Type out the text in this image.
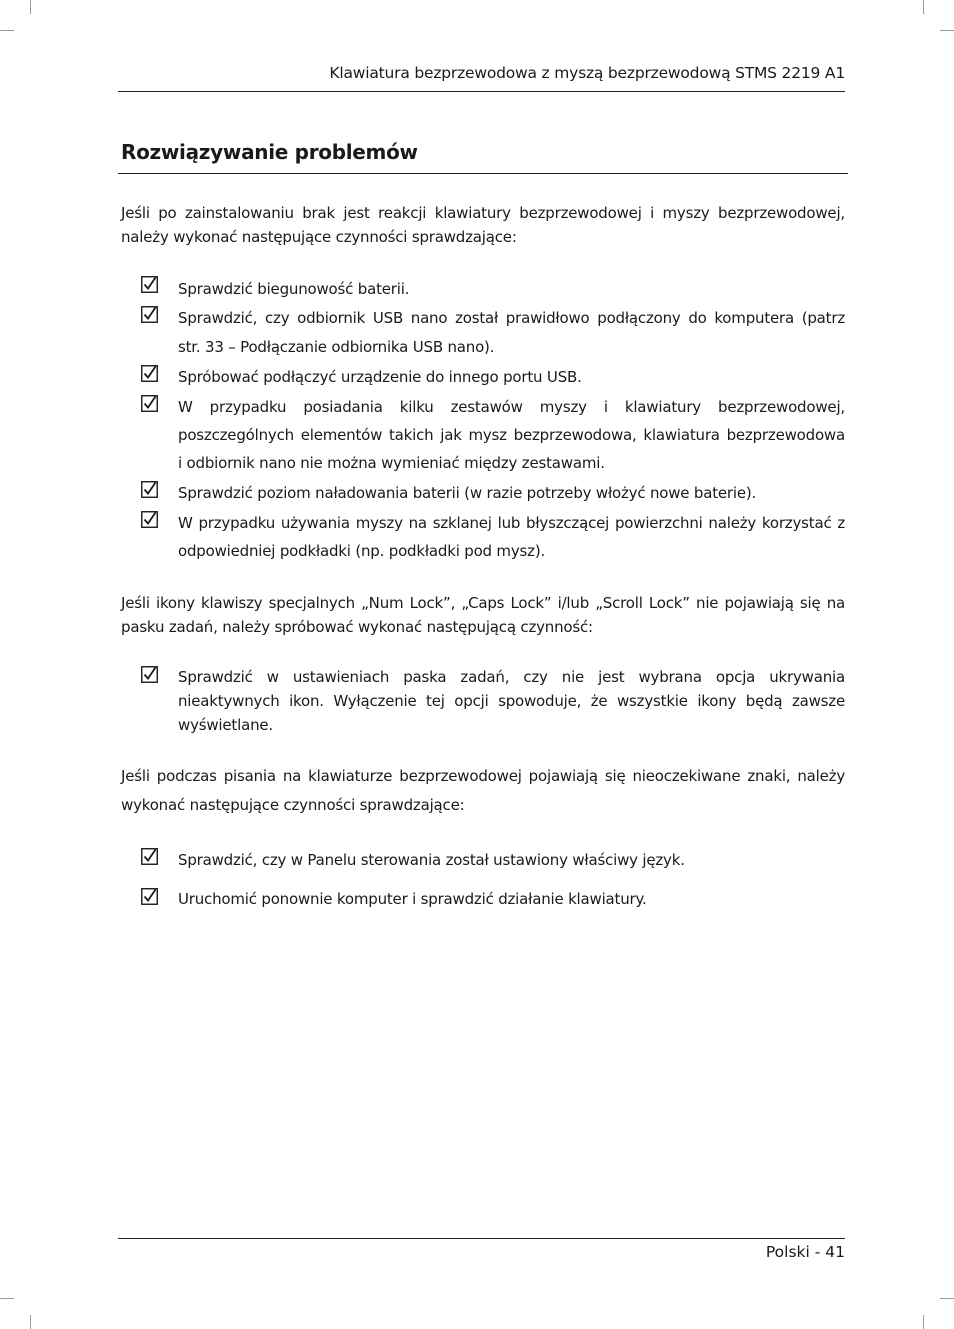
Klawiatura bezprzewodowa z myszą bezprzewodową STMS 2219 A1
Rozwiązywanie problemów
Jeśli po zainstalowaniu brak jest reakcji klawiatury bezprzewodowej i myszy bezprzewodowej,
należy wykonać następujące czynności sprawdzające:
Sprawdzić biegunowość baterii.
Sprawdzić, czy odbiornik USB nano został prawidłowo podłączony do komputera (patrz
str. 33 – Podłączanie odbiornika USB nano).
Spróbować podłączyć urządzenie do innego portu USB.
W przypadku posiadania kilku zestawów myszy i klawiatury bezprzewodowej,
poszczególnych elementów takich jak mysz bezprzewodowa, klawiatura bezprzewodowa
i odbiornik nano nie można wymieniać między zestawami.
Sprawdzić poziom naładowania baterii (w razie potrzeby włożyć nowe baterie).
W przypadku używania myszy na szklanej lub błyszczącej powierzchni należy korzystać z
odpowiedniej podkładki (np. podkładki pod mysz).
Jeśli ikony klawiszy specjalnych „Num Lock”, „Caps Lock” i/lub „Scroll Lock” nie pojawiają się na
pasku zadań, należy spróbować wykonać następującą czynność:
Sprawdzić w ustawieniach paska zadań, czy nie jest wybrana opcja ukrywania
nieaktywnych ikon. Wyłączenie tej opcji spowoduje, że wszystkie ikony będą zawsze
wyświetlane.
Jeśli podczas pisania na klawiaturze bezprzewodowej pojawiają się nieoczekiwane znaki, należy
wykonać następujące czynności sprawdzające:
Sprawdzić, czy w Panelu sterowania został ustawiony właściwy język.
Uruchomić ponownie komputer i sprawdzić działanie klawiatury.
Polski - 41
